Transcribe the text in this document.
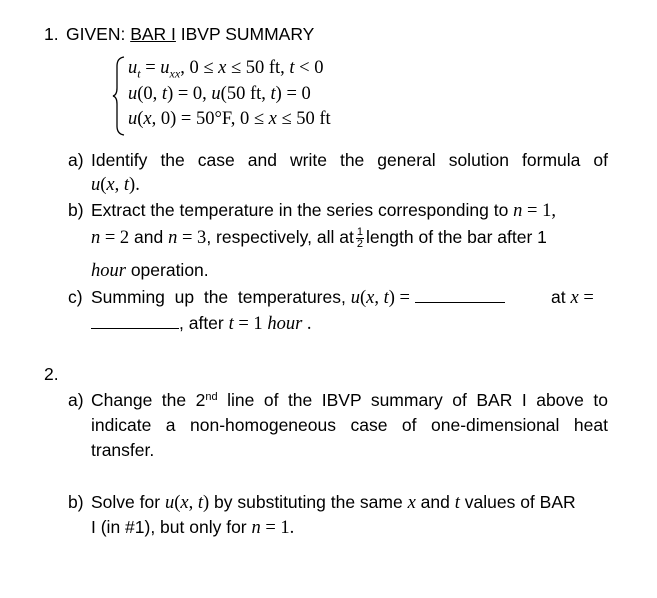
1. GIVEN: BAR I IBVP SUMMARY
$u_t = u_{xx}$, 0 ≤ x ≤ 50 ft, t < 0
u(0, t) = 0, u(50 ft, t) = 0
u(x, 0) = 50°F, 0 ≤ x ≤ 50 ft
a) Identify the case and write the general solution formula of
u(x, t).
b) Extract the temperature in the series corresponding to n = 1,
n = 2 and n = 3, respectively, all at $\frac{1}{2}$ length of the bar after 1
hour operation.
c) Summing  up  the  temperatures, u(x, t) =	at x =
, after t = 1 hour .
2.
a) Change the 2nd line of the IBVP summary of BAR I above to
indicate a non-homogeneous case of one-dimensional heat
transfer.
b) Solve for u(x, t) by substituting the same x and t values of BAR
I (in #1), but only for n = 1.
